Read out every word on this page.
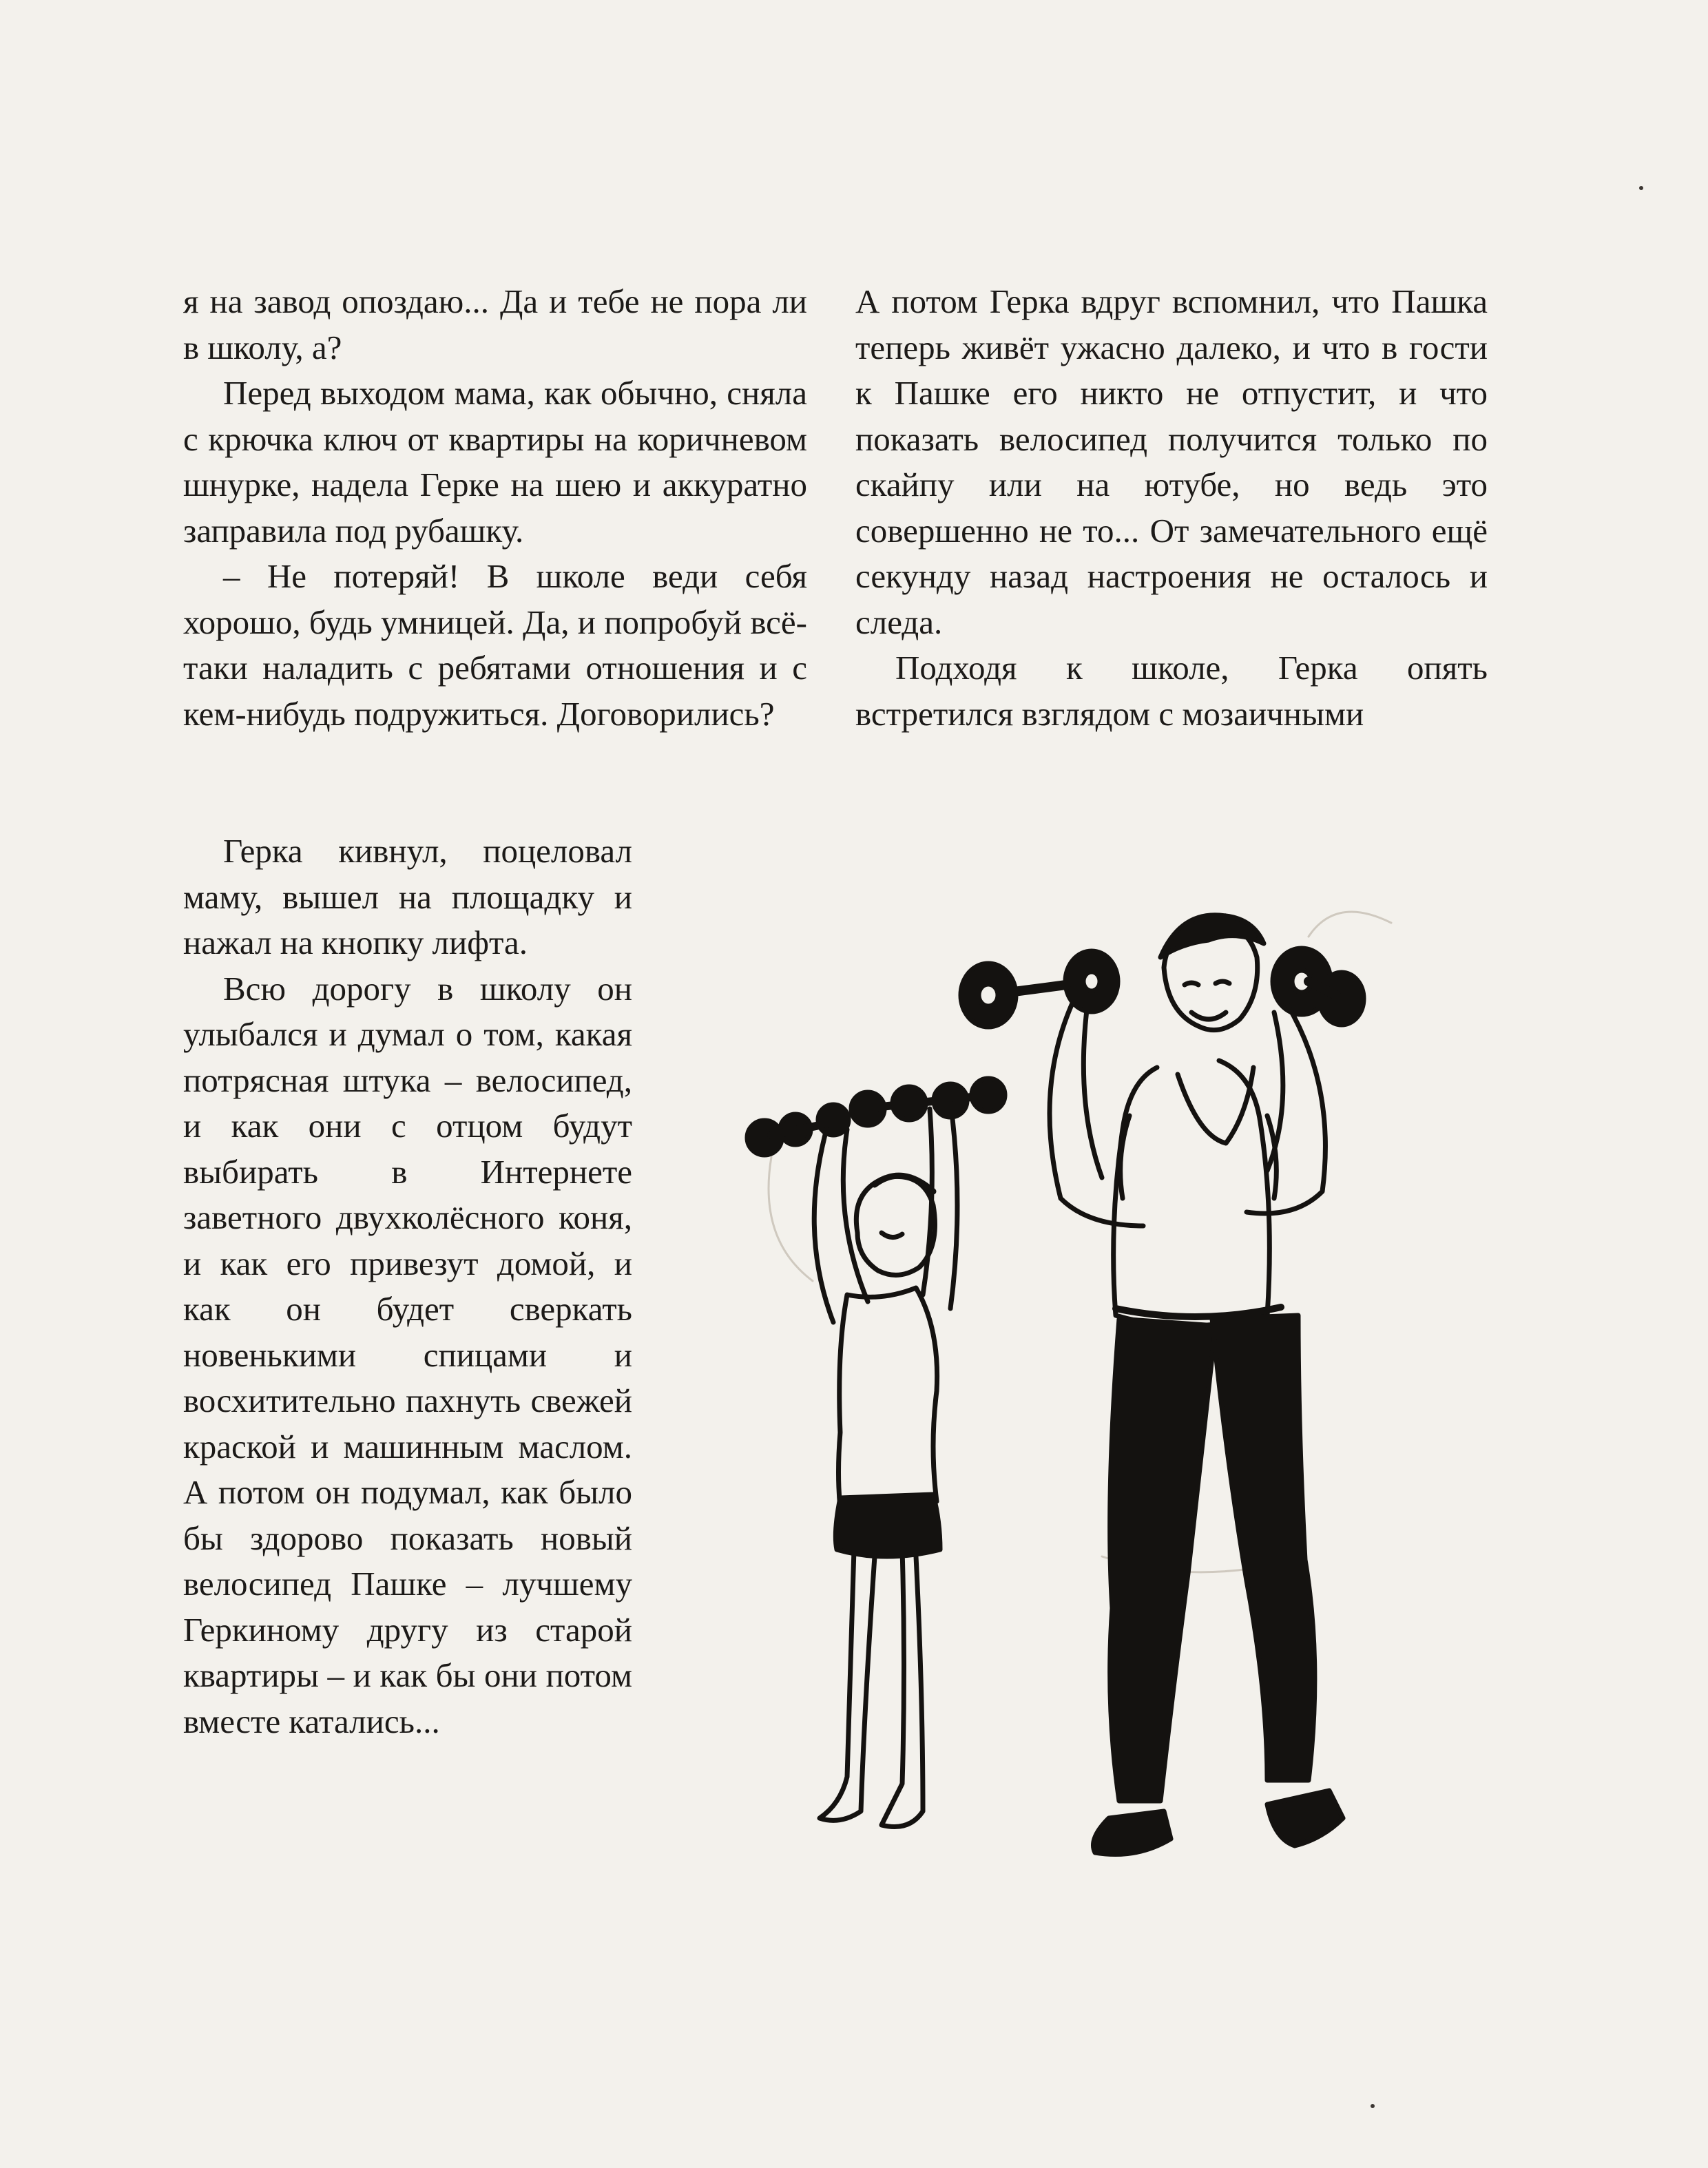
я на завод опоздаю... Да и тебе не пора ли в школу, а?

Перед выходом мама, как обычно, сняла с крючка ключ от квартиры на коричневом шнурке, надела Герке на шею и аккуратно заправила под рубашку.

– Не потеряй! В школе веди себя хорошо, будь умницей. Да, и попробуй всё-таки наладить с ребятами отношения и с кем-нибудь подружиться. Договорились?

Герка кивнул, поцеловал маму, вышел на площадку и нажал на кнопку лифта.

Всю дорогу в школу он улыбался и думал о том, какая потрясная штука – велосипед, и как они с отцом будут выбирать в Интернете заветного двухколёсного коня, и как его привезут домой, и как он будет сверкать новенькими спицами и восхитительно пахнуть свежей краской и машинным маслом. А потом он подумал, как было бы здорово показать новый велосипед Пашке – лучшему Геркиному другу из старой квартиры – и как бы они потом вместе катались...

А потом Герка вдруг вспомнил, что Пашка теперь живёт ужасно далеко, и что в гости к Пашке его никто не отпустит, и что показать велосипед получится только по скайпу или на ютубе, но ведь это совершенно не то... От замечательного ещё секунду назад настроения не осталось и следа.

Подходя к школе, Герка опять встретился взглядом с мозаичными
